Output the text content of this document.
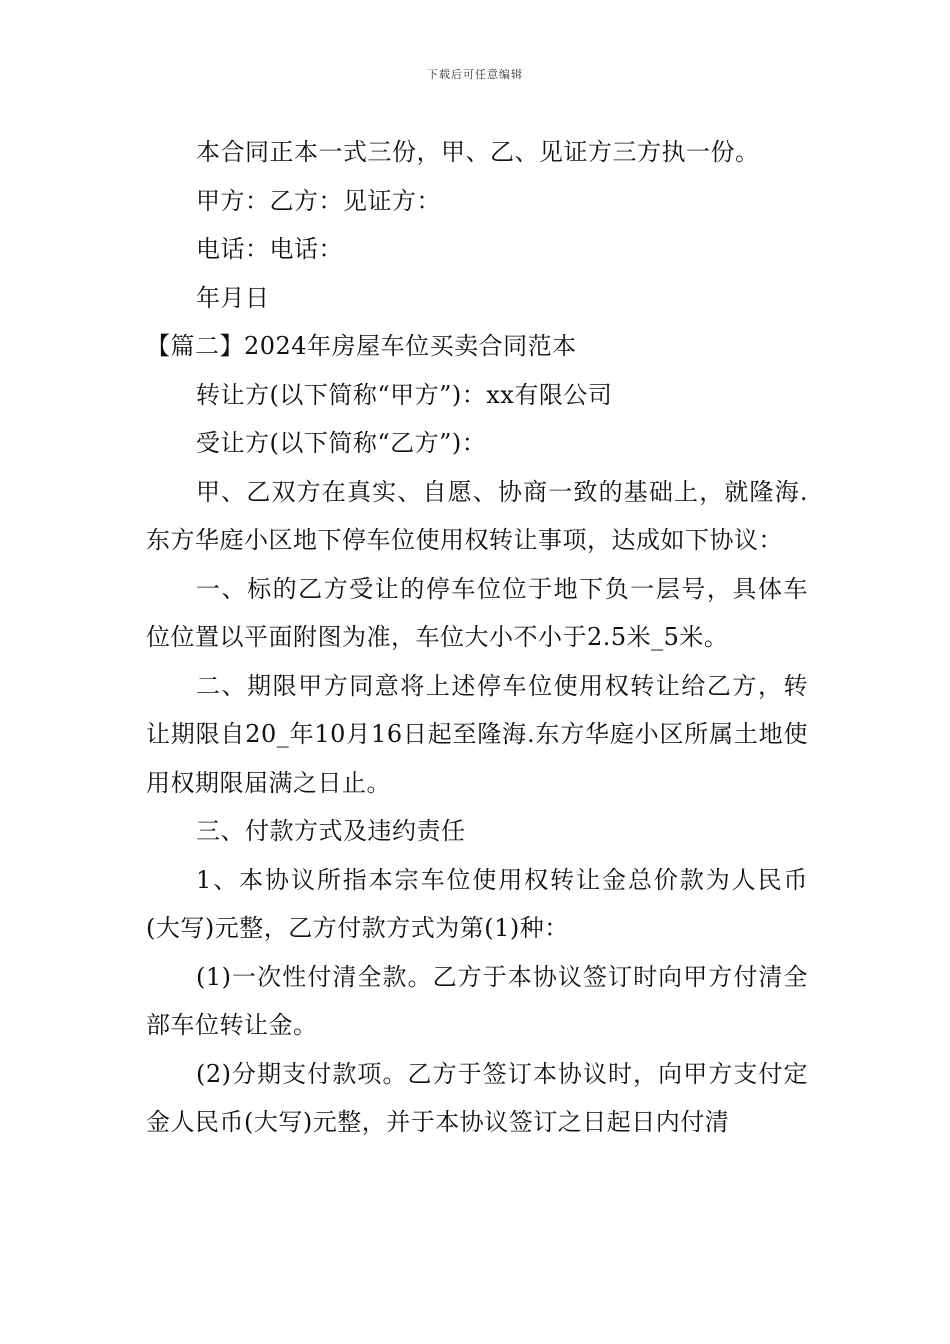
下载后可任意编辑

本合同正本一式三份，甲、乙、见证方三方执一份。

甲方：乙方：见证方：

电话：电话：

年月日

【篇二】2024年房屋车位买卖合同范本

转让方(以下简称“甲方”)：xx有限公司

受让方(以下简称“乙方”)：

甲、乙双方在真实、自愿、协商一致的基础上，就隆海.东方华庭小区地下停车位使用权转让事项，达成如下协议：

一、标的乙方受让的停车位位于地下负一层号，具体车位位置以平面附图为准，车位大小不小于2.5米_5米。

二、期限甲方同意将上述停车位使用权转让给乙方，转让期限自20_年10月16日起至隆海.东方华庭小区所属土地使用权期限届满之日止。

三、付款方式及违约责任

1、本协议所指本宗车位使用权转让金总价款为人民币(大写)元整，乙方付款方式为第(1)种：

(1)一次性付清全款。乙方于本协议签订时向甲方付清全部车位转让金。

(2)分期支付款项。乙方于签订本协议时，向甲方支付定金人民币(大写)元整，并于本协议签订之日起日内付清
